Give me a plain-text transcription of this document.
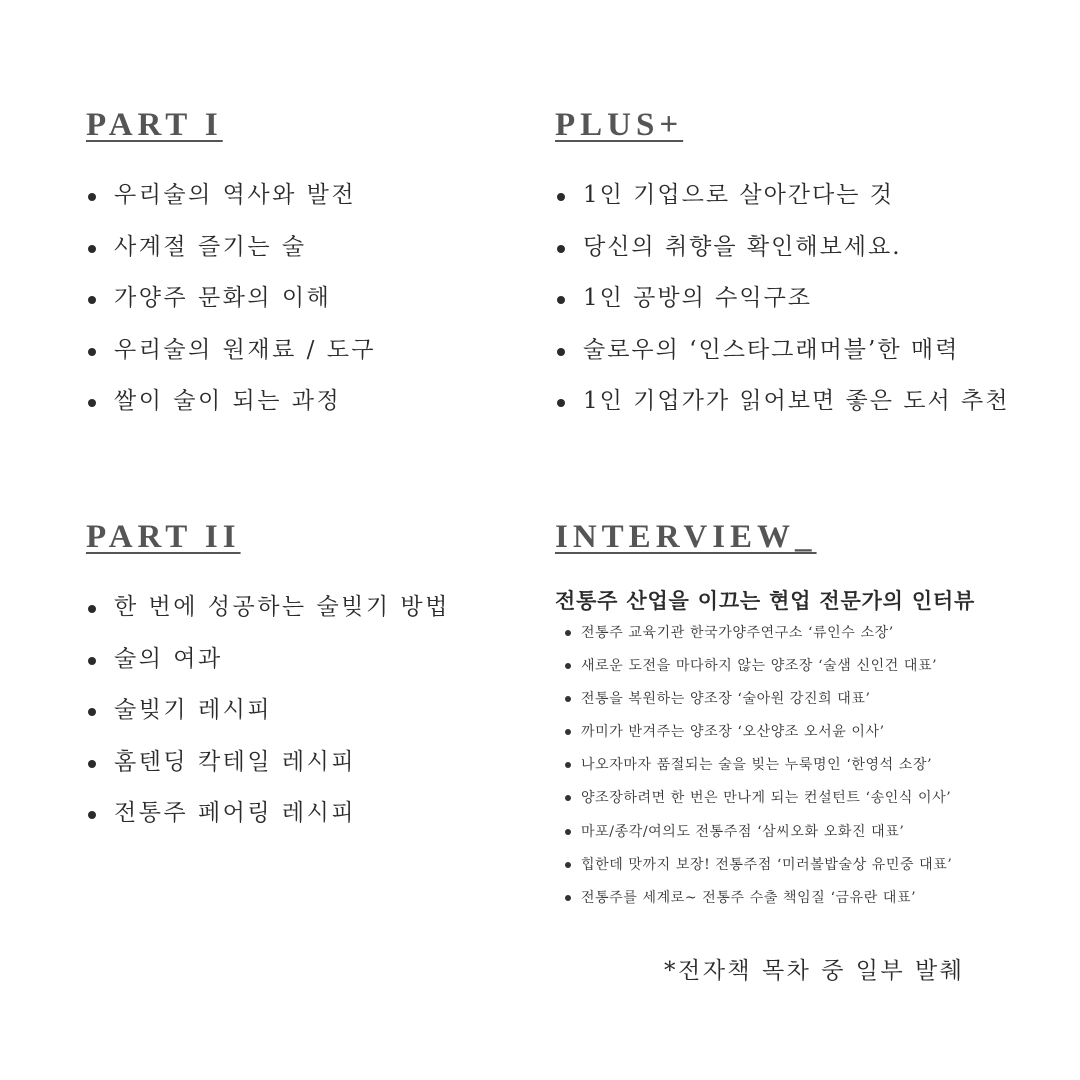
PART I
우리술의 역사와 발전
사계절 즐기는 술
가양주 문화의 이해
우리술의 원재료 / 도구
쌀이 술이 되는 과정
PLUS+
1인 기업으로 살아간다는 것
당신의 취향을 확인해보세요.
1인 공방의 수익구조
술로우의 ‘인스타그래머블’한 매력
1인 기업가가 읽어보면 좋은 도서 추천
PART II
한 번에 성공하는 술빚기 방법
술의 여과
술빚기 레시피
홈텐딩 칵테일 레시피
전통주 페어링 레시피
INTERVIEW_

전통주 산업을 이끄는 현업 전문가의 인터뷰

전통주 교육기관 한국가양주연구소 ‘류인수 소장’
새로운 도전을 마다하지 않는 양조장 ‘술샘 신인건 대표’
전통을 복원하는 양조장 ‘술아원 강진희 대표’
까미가 반겨주는 양조장 ‘오산양조 오서윤 이사’
나오자마자 품절되는 술을 빚는 누룩명인 ‘한영석 소장’
양조장하려면 한 번은 만나게 되는 컨설턴트 ‘송인식 이사’
마포/종각/여의도 전통주점 ‘삼씨오화 오화진 대표’
힙한데 맛까지 보장! 전통주점 ‘미러볼밥술상 유민중 대표’
전통주를 세계로~ 전통주 수출 책임질 ‘금유란 대표’
*전자책 목차 중 일부 발췌
